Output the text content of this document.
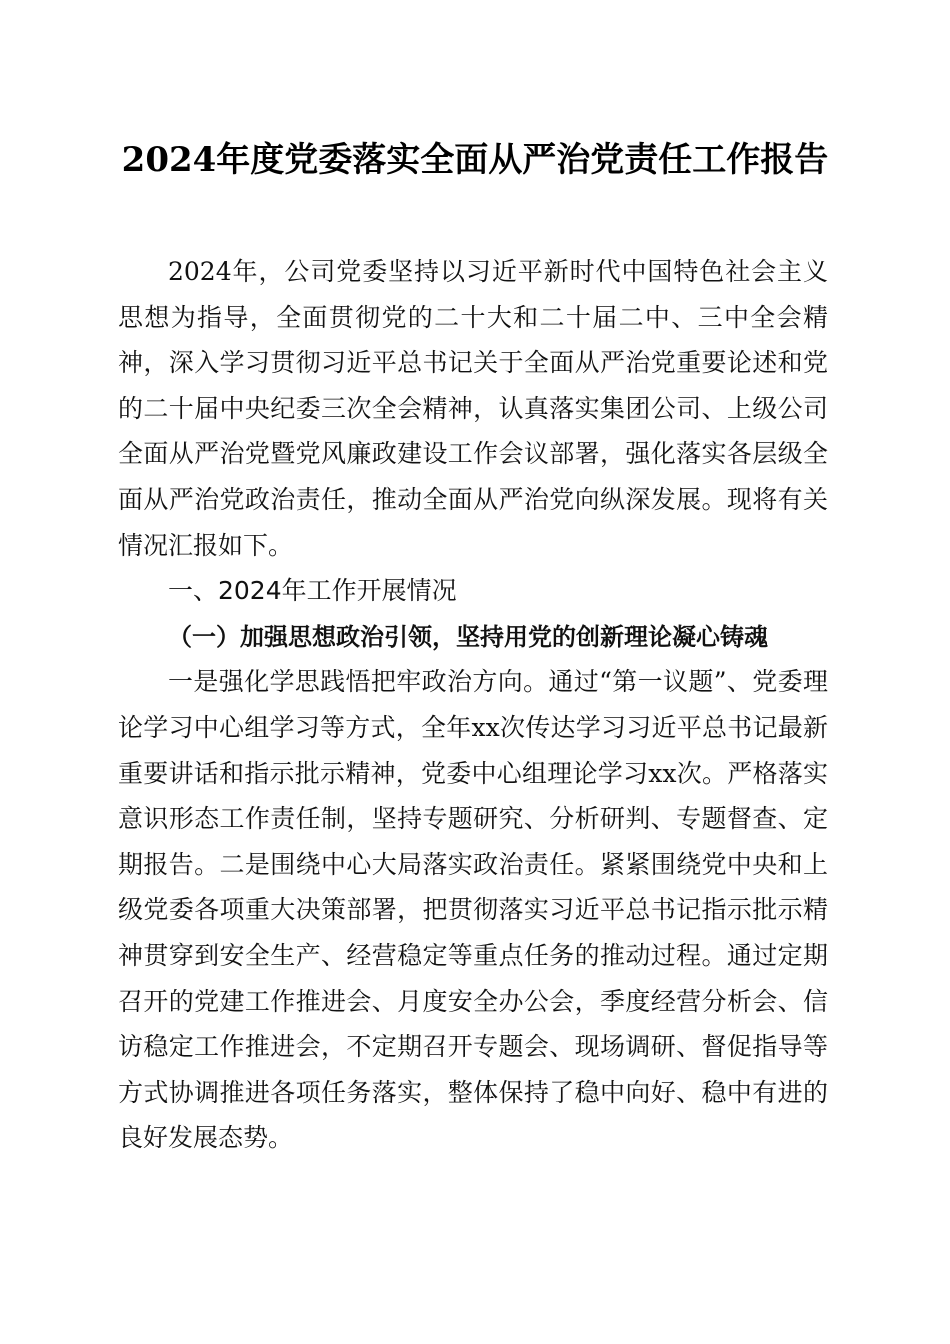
2024年度党委落实全面从严治党责任工作报告

2024年，公司党委坚持以习近平新时代中国特色社会主义思想为指导，全面贯彻党的二十大和二十届二中、三中全会精神，深入学习贯彻习近平总书记关于全面从严治党重要论述和党的二十届中央纪委三次全会精神，认真落实集团公司、上级公司全面从严治党暨党风廉政建设工作会议部署，强化落实各层级全面从严治党政治责任，推动全面从严治党向纵深发展。现将有关情况汇报如下。

一、2024年工作开展情况

（一）加强思想政治引领，坚持用党的创新理论凝心铸魂

一是强化学思践悟把牢政治方向。通过“第一议题”、党委理论学习中心组学习等方式，全年xx次传达学习习近平总书记最新重要讲话和指示批示精神，党委中心组理论学习xx次。严格落实意识形态工作责任制，坚持专题研究、分析研判、专题督查、定期报告。二是围绕中心大局落实政治责任。紧紧围绕党中央和上级党委各项重大决策部署，把贯彻落实习近平总书记指示批示精神贯穿到安全生产、经营稳定等重点任务的推动过程。通过定期召开的党建工作推进会、月度安全办公会，季度经营分析会、信访稳定工作推进会，不定期召开专题会、现场调研、督促指导等方式协调推进各项任务落实，整体保持了稳中向好、稳中有进的良好发展态势。
